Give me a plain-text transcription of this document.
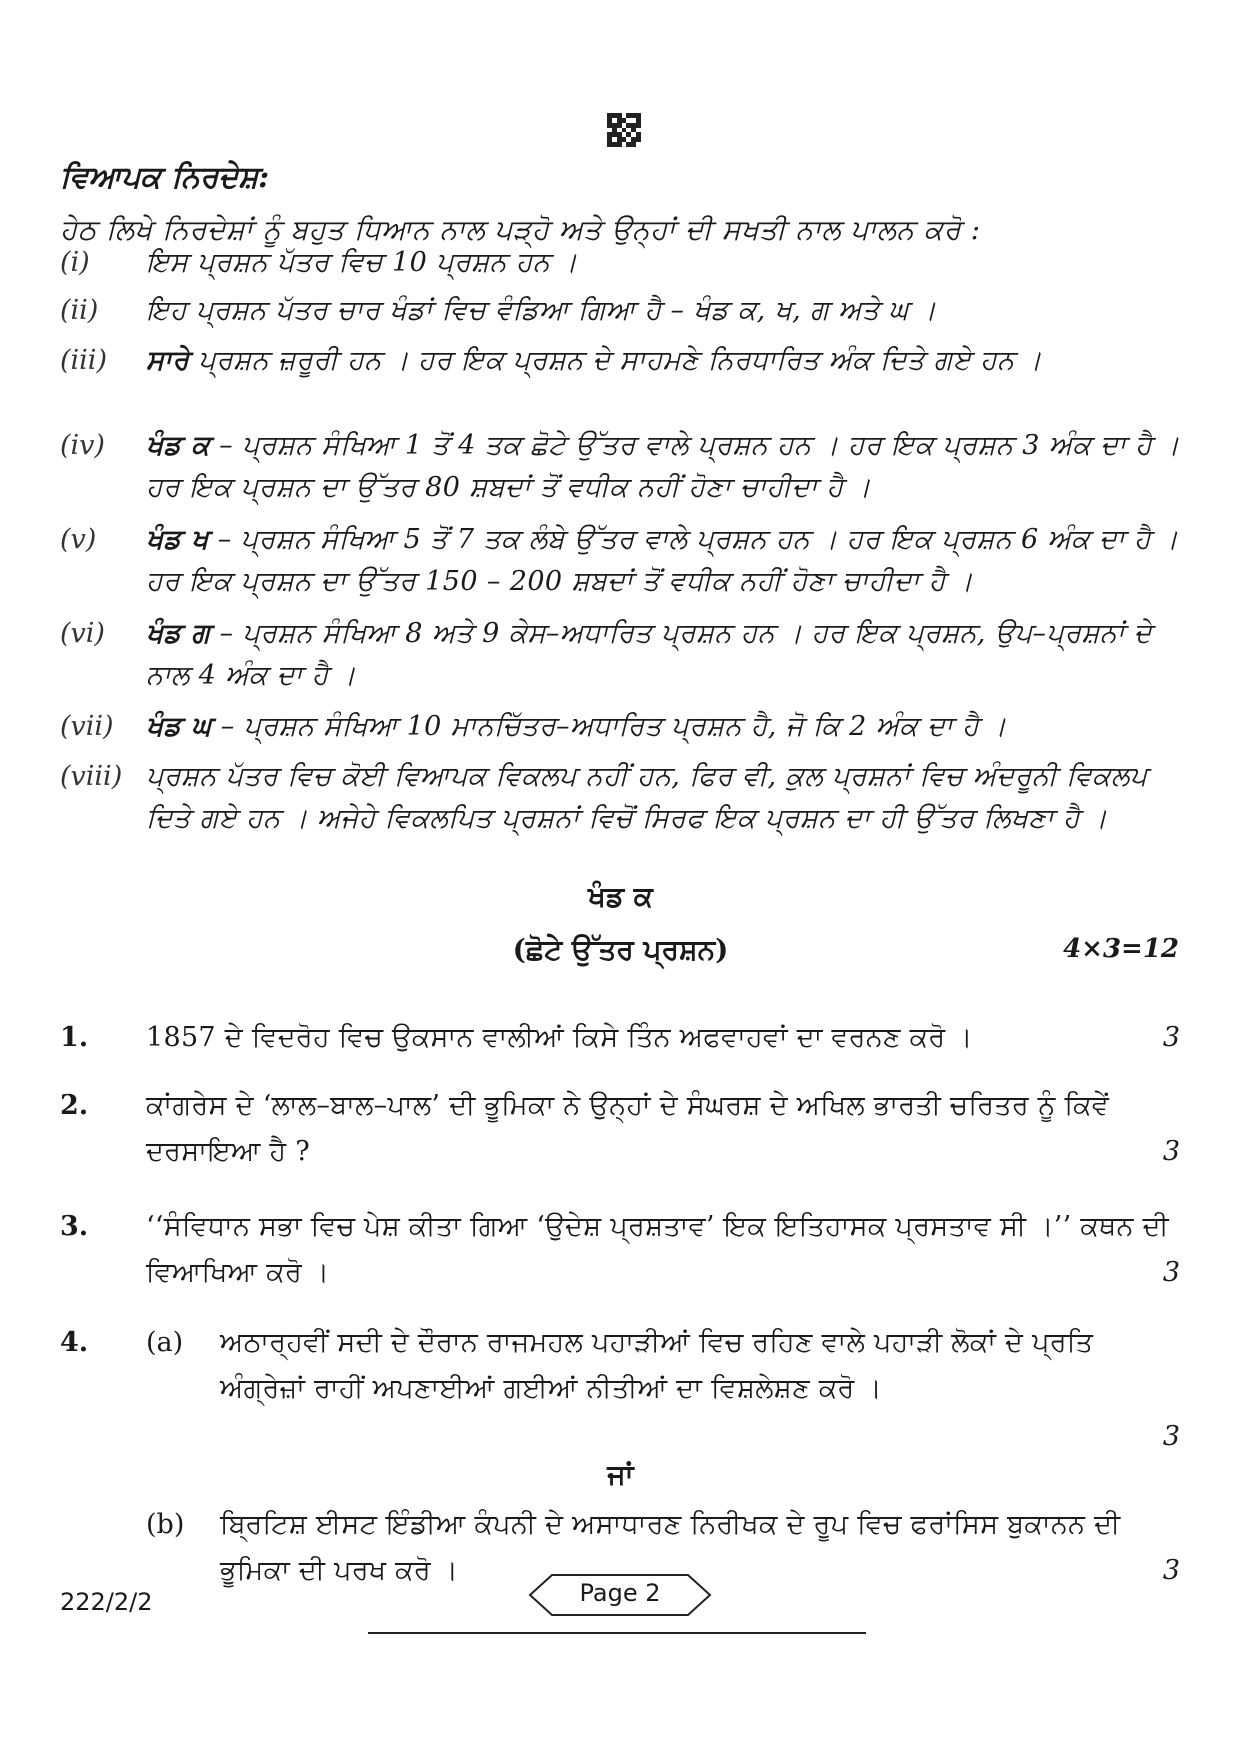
ਵਿਆਪਕ ਨਿਰਦੇਸ਼:
ਹੇਠ ਲਿਖੇ ਨਿਰਦੇਸ਼ਾਂ ਨੂੰ ਬਹੁਤ ਧਿਆਨ ਨਾਲ ਪੜ੍ਹੋ ਅਤੇ ਉਨ੍ਹਾਂ ਦੀ ਸਖਤੀ ਨਾਲ ਪਾਲਨ ਕਰੋ :
(i)	ਇਸ ਪ੍ਰਸ਼ਨ ਪੱਤਰ ਵਿਚ 10 ਪ੍ਰਸ਼ਨ ਹਨ ।
(ii)	ਇਹ ਪ੍ਰਸ਼ਨ ਪੱਤਰ ਚਾਰ ਖੰਡਾਂ ਵਿਚ ਵੰਡਿਆ ਗਿਆ ਹੈ – ਖੰਡ ਕ, ਖ, ਗ ਅਤੇ ਘ ।
(iii)	ਸਾਰੇ ਪ੍ਰਸ਼ਨ ਜ਼ਰੂਰੀ ਹਨ । ਹਰ ਇਕ ਪ੍ਰਸ਼ਨ ਦੇ ਸਾਹਮਣੇ ਨਿਰਧਾਰਿਤ ਅੰਕ ਦਿਤੇ ਗਏ ਹਨ ।
(iv)	ਖੰਡ ਕ – ਪ੍ਰਸ਼ਨ ਸੰਖਿਆ 1 ਤੋਂ 4 ਤਕ ਛੋਟੇ ਉੱਤਰ ਵਾਲੇ ਪ੍ਰਸ਼ਨ ਹਨ । ਹਰ ਇਕ ਪ੍ਰਸ਼ਨ 3 ਅੰਕ ਦਾ ਹੈ । ਹਰ ਇਕ ਪ੍ਰਸ਼ਨ ਦਾ ਉੱਤਰ 80 ਸ਼ਬਦਾਂ ਤੋਂ ਵਧੀਕ ਨਹੀਂ ਹੋਣਾ ਚਾਹੀਦਾ ਹੈ ।
(v)	ਖੰਡ ਖ – ਪ੍ਰਸ਼ਨ ਸੰਖਿਆ 5 ਤੋਂ 7 ਤਕ ਲੰਬੇ ਉੱਤਰ ਵਾਲੇ ਪ੍ਰਸ਼ਨ ਹਨ । ਹਰ ਇਕ ਪ੍ਰਸ਼ਨ 6 ਅੰਕ ਦਾ ਹੈ । ਹਰ ਇਕ ਪ੍ਰਸ਼ਨ ਦਾ ਉੱਤਰ 150 – 200 ਸ਼ਬਦਾਂ ਤੋਂ ਵਧੀਕ ਨਹੀਂ ਹੋਣਾ ਚਾਹੀਦਾ ਹੈ ।
(vi)	ਖੰਡ ਗ – ਪ੍ਰਸ਼ਨ ਸੰਖਿਆ 8 ਅਤੇ 9 ਕੇਸ–ਅਧਾਰਿਤ ਪ੍ਰਸ਼ਨ ਹਨ । ਹਰ ਇਕ ਪ੍ਰਸ਼ਨ, ਉਪ–ਪ੍ਰਸ਼ਨਾਂ ਦੇ ਨਾਲ 4 ਅੰਕ ਦਾ ਹੈ ।
(vii)	ਖੰਡ ਘ – ਪ੍ਰਸ਼ਨ ਸੰਖਿਆ 10 ਮਾਨਚਿੱਤਰ–ਅਧਾਰਿਤ ਪ੍ਰਸ਼ਨ ਹੈ, ਜੋ ਕਿ 2 ਅੰਕ ਦਾ ਹੈ ।
(viii) ਪ੍ਰਸ਼ਨ ਪੱਤਰ ਵਿਚ ਕੋਈ ਵਿਆਪਕ ਵਿਕਲਪ ਨਹੀਂ ਹਨ, ਫਿਰ ਵੀ, ਕੁਲ ਪ੍ਰਸ਼ਨਾਂ ਵਿਚ ਅੰਦਰੂਨੀ ਵਿਕਲਪ ਦਿਤੇ ਗਏ ਹਨ । ਅਜੇਹੇ ਵਿਕਲਪਿਤ ਪ੍ਰਸ਼ਨਾਂ ਵਿਚੋਂ ਸਿਰਫ ਇਕ ਪ੍ਰਸ਼ਨ ਦਾ ਹੀ ਉੱਤਰ ਲਿਖਣਾ ਹੈ ।
ਖੰਡ ਕ
(ਛੋਟੇ ਉੱਤਰ ਪ੍ਰਸ਼ਨ)	4×3=12
1. 1857 ਦੇ ਵਿਦਰੋਹ ਵਿਚ ਉਕਸਾਨ ਵਾਲੀਆਂ ਕਿਸੇ ਤਿੰਨ ਅਫਵਾਹਵਾਂ ਦਾ ਵਰਨਣ ਕਰੋ ।	3
2. ਕਾਂਗਰੇਸ ਦੇ ‘ਲਾਲ–ਬਾਲ–ਪਾਲ’ ਦੀ ਭੂਮਿਕਾ ਨੇ ਉਨ੍ਹਾਂ ਦੇ ਸੰਘਰਸ਼ ਦੇ ਅਖਿਲ ਭਾਰਤੀ ਚਰਿਤਰ ਨੂੰ ਕਿਵੇਂ ਦਰਸਾਇਆ ਹੈ ?	3
3. ‘‘ਸੰਵਿਧਾਨ ਸਭਾ ਵਿਚ ਪੇਸ਼ ਕੀਤਾ ਗਿਆ ‘ਉਦੇਸ਼ ਪ੍ਰਸ਼ਤਾਵ’ ਇਕ ਇਤਿਹਾਸਕ ਪ੍ਰਸਤਾਵ ਸੀ ।’’ ਕਥਨ ਦੀ ਵਿਆਖਿਆ ਕਰੋ ।	3
4. (a) ਅਠਾਰ੍ਹਵੀਂ ਸਦੀ ਦੇ ਦੌਰਾਨ ਰਾਜਮਹਲ ਪਹਾੜੀਆਂ ਵਿਚ ਰਹਿਣ ਵਾਲੇ ਪਹਾੜੀ ਲੋਕਾਂ ਦੇ ਪ੍ਰਤਿ ਅੰਗ੍ਰੇਜ਼ਾਂ ਰਾਹੀਂ ਅਪਣਾਈਆਂ ਗਈਆਂ ਨੀਤੀਆਂ ਦਾ ਵਿਸ਼ਲੇਸ਼ਣ ਕਰੋ ।
3
ਜਾਂ
(b) ਬ੍ਰਿਟਿਸ਼ ਈਸਟ ਇੰਡੀਆ ਕੰਪਨੀ ਦੇ ਅਸਾਧਾਰਣ ਨਿਰੀਖਕ ਦੇ ਰੂਪ ਵਿਚ ਫਰਾਂਸਿਸ ਬੁਕਾਨਨ ਦੀ ਭੂਮਿਕਾ ਦੀ ਪਰਖ ਕਰੋ ।	3
222/2/2	Page 2
